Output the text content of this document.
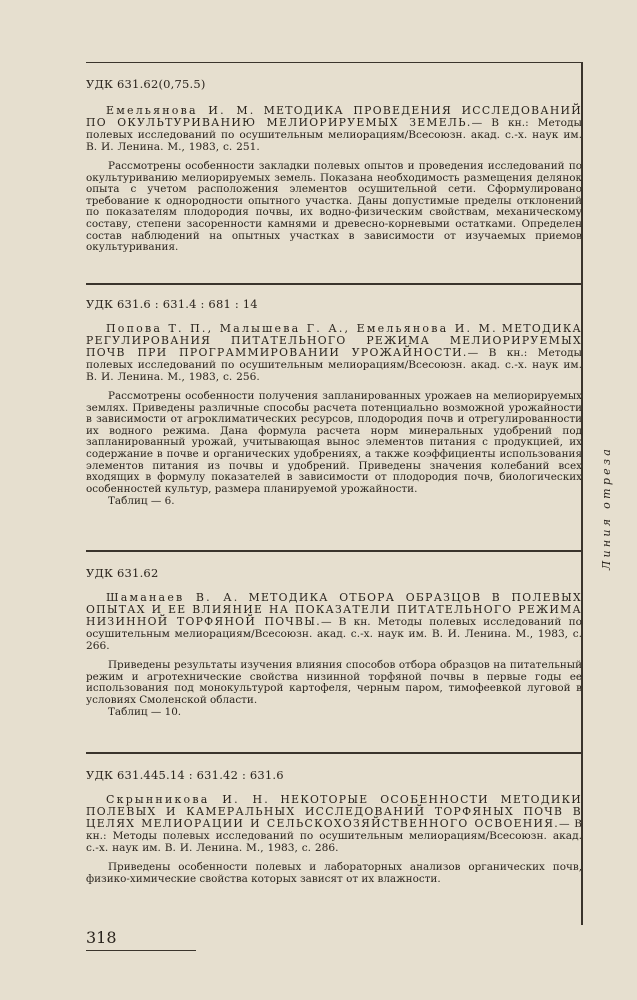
УДК 631.62(0,75.5)

Емельянова И. М. МЕТОДИКА ПРОВЕДЕНИЯ ИССЛЕДОВАНИЙ ПО ОКУЛЬТУРИВАНИЮ МЕЛИОРИРУЕМЫХ ЗЕМЕЛЬ.— В кн.: Методы полевых исследований по осушительным мелиорациям/Всесоюзн. акад. с.-х. наук им. В. И. Ленина. М., 1983, с. 251.

Рассмотрены особенности закладки полевых опытов и проведения исследований по окультуриванию мелиорируемых земель. Показана необходимость размещения делянок опыта с учетом расположения элементов осушительной сети. Сформулировано требование к однородности опытного участка. Даны допустимые пределы отклонений по показателям плодородия почвы, их водно-физическим свойствам, механическому составу, степени засоренности камнями и древесно-корневыми остатками. Определен состав наблюдений на опытных участках в зависимости от изучаемых приемов окультуривания.

УДК 631.6 : 631.4 : 681 : 14

Попова Т. П., Малышева Г. А., Емельянова И. М. МЕТОДИКА РЕГУЛИРОВАНИЯ ПИТАТЕЛЬНОГО РЕЖИМА МЕЛИОРИРУЕМЫХ ПОЧВ ПРИ ПРОГРАММИРОВАНИИ УРОЖАЙНОСТИ.— В кн.: Методы полевых исследований по осушительным мелиорациям/Всесоюзн. акад. с.-х. наук им. В. И. Ленина. М., 1983, с. 256.

Рассмотрены особенности получения запланированных урожаев на мелиорируемых землях. Приведены различные способы расчета потенциально возможной урожайности в зависимости от агроклиматических ресурсов, плодородия почв и отрегулированности их водного режима. Дана формула расчета норм минеральных удобрений под запланированный урожай, учитывающая вынос элементов питания с продукцией, их содержание в почве и органических удобрениях, а также коэффициенты использования элементов питания из почвы и удобрений. Приведены значения колебаний всех входящих в формулу показателей в зависимости от плодородия почв, биологических особенностей культур, размера планируемой урожайности.

Таблиц — 6.

УДК 631.62

Шаманаев В. А. МЕТОДИКА ОТБОРА ОБРАЗЦОВ В ПОЛЕВЫХ ОПЫТАХ И ЕЕ ВЛИЯНИЕ НА ПОКАЗАТЕЛИ ПИТАТЕЛЬНОГО РЕЖИМА НИЗИННОЙ ТОРФЯНОЙ ПОЧВЫ.— В кн. Методы полевых исследований по осушительным мелиорациям/Всесоюзн. акад. с.-х. наук им. В. И. Ленина. М., 1983, с. 266.

Приведены результаты изучения влияния способов отбора образцов на питательный режим и агротехнические свойства низинной торфяной почвы в первые годы ее использования под монокультурой картофеля, черным паром, тимофеевкой луговой в условиях Смоленской области.

Таблиц — 10.

УДК 631.445.14 : 631.42 : 631.6

Скрынникова И. Н. НЕКОТОРЫЕ ОСОБЕННОСТИ МЕТОДИКИ ПОЛЕВЫХ И КАМЕРАЛЬНЫХ ИССЛЕДОВАНИЙ ТОРФЯНЫХ ПОЧВ В ЦЕЛЯХ МЕЛИОРАЦИИ И СЕЛЬСКОХОЗЯЙСТВЕННОГО ОСВОЕНИЯ.— В кн.: Методы полевых исследований по осушительным мелиорациям/Всесоюзн. акад. с.-х. наук им. В. И. Ленина. М., 1983, с. 286.

Приведены особенности полевых и лабораторных анализов органических почв, физико-химические свойства которых зависят от их влажности.

Линия отреза
318
